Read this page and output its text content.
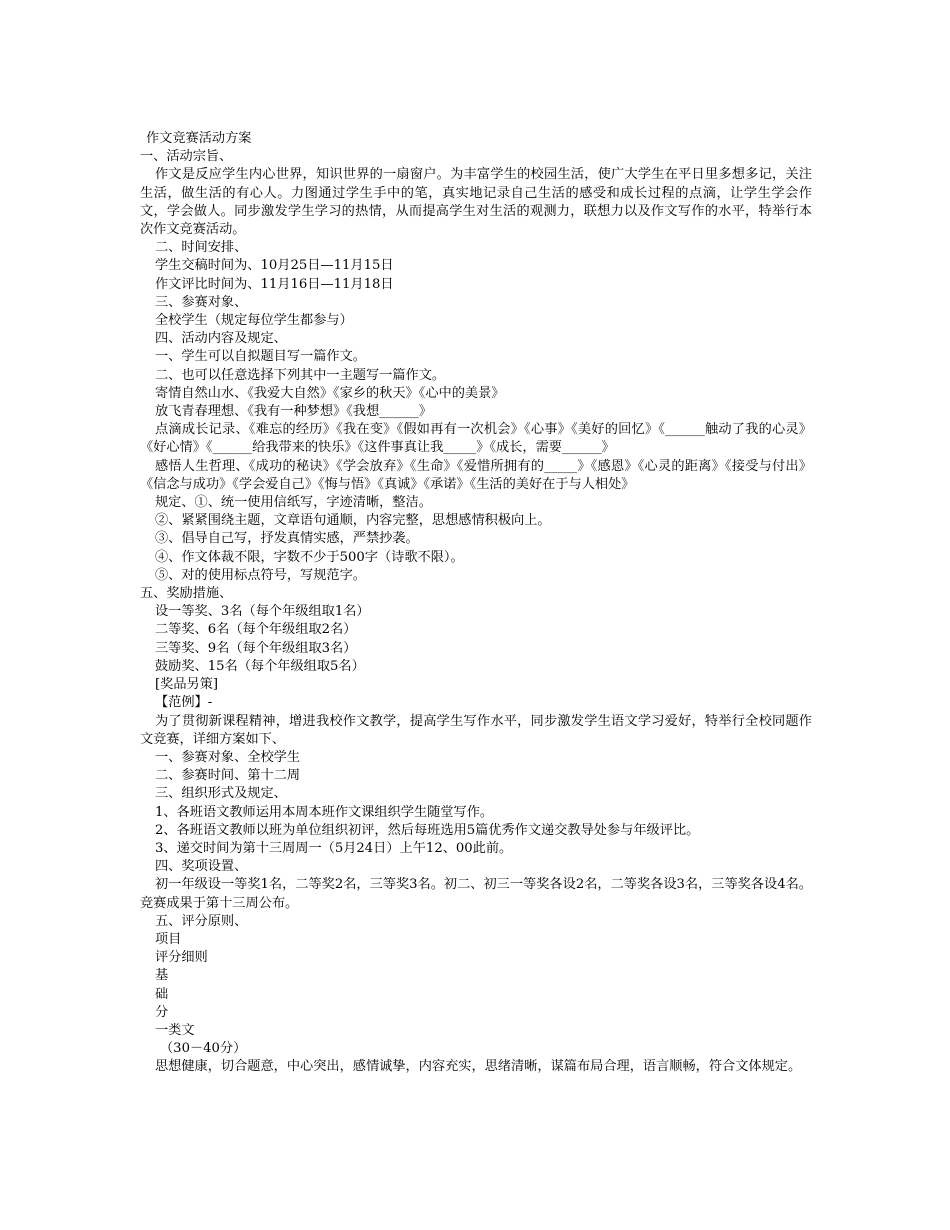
作文竞赛活动方案
一、活动宗旨、
作文是反应学生内心世界，知识世界的一扇窗户。为丰富学生的校园生活，使广大学生在平日里多想多记，关注生活，做生活的有心人。力图通过学生手中的笔，真实地记录自己生活的感受和成长过程的点滴，让学生学会作文，学会做人。同步激发学生学习的热情，从而提高学生对生活的观测力，联想力以及作文写作的水平，特举行本次作文竞赛活动。
二、时间安排、
学生交稿时间为、10月25日—11月15日
作文评比时间为、11月16日—11月18日
三、参赛对象、
全校学生（规定每位学生都参与）
四、活动内容及规定、
一、学生可以自拟题目写一篇作文。
二、也可以任意选择下列其中一主题写一篇作文。
寄情自然山水、《我爱大自然》《家乡的秋天》《心中的美景》
放飞青春理想、《我有一种梦想》《我想______》
点滴成长记录、《难忘的经历》《我在变》《假如再有一次机会》《心事》《美好的回忆》《______触动了我的心灵》《好心情》《______给我带来的快乐》《这件事真让我_____》《成长，需要______》
感悟人生哲理、《成功的秘诀》《学会放弃》《生命》《爱惜所拥有的_____》《感恩》《心灵的距离》《接受与付出》《信念与成功》《学会爱自己》《悔与悟》《真诚》《承诺》《生活的美好在于与人相处》
规定、①、统一使用信纸写，字迹清晰，整洁。
②、紧紧围绕主题，文章语句通顺，内容完整，思想感情积极向上。
③、倡导自己写，抒发真情实感，严禁抄袭。
④、作文体裁不限，字数不少于500字（诗歌不限）。
⑤、对的使用标点符号，写规范字。
五、奖励措施、
设一等奖、3名（每个年级组取1名）
二等奖、6名（每个年级组取2名）
三等奖、9名（每个年级组取3名）
鼓励奖、15名（每个年级组取5名）
[奖品另策]
【范例】-
为了贯彻新课程精神，增进我校作文教学，提高学生写作水平，同步激发学生语文学习爱好，特举行全校同题作文竞赛，详细方案如下、
一、参赛对象、全校学生
二、参赛时间、第十二周
三、组织形式及规定、
1、各班语文教师运用本周本班作文课组织学生随堂写作。
2、各班语文教师以班为单位组织初评，然后每班选用5篇优秀作文递交教导处参与年级评比。
3、递交时间为第十三周周一（5月24日）上午12、00此前。
四、奖项设置、
初一年级设一等奖1名，二等奖2名，三等奖3名。初二、初三一等奖各设2名，二等奖各设3名，三等奖各设4名。竞赛成果于第十三周公布。
五、评分原则、
项目
评分细则
基
础
分
一类文
（30－40分）
思想健康，切合题意，中心突出，感情诚挚，内容充实，思绪清晰，谋篇布局合理，语言顺畅，符合文体规定。
